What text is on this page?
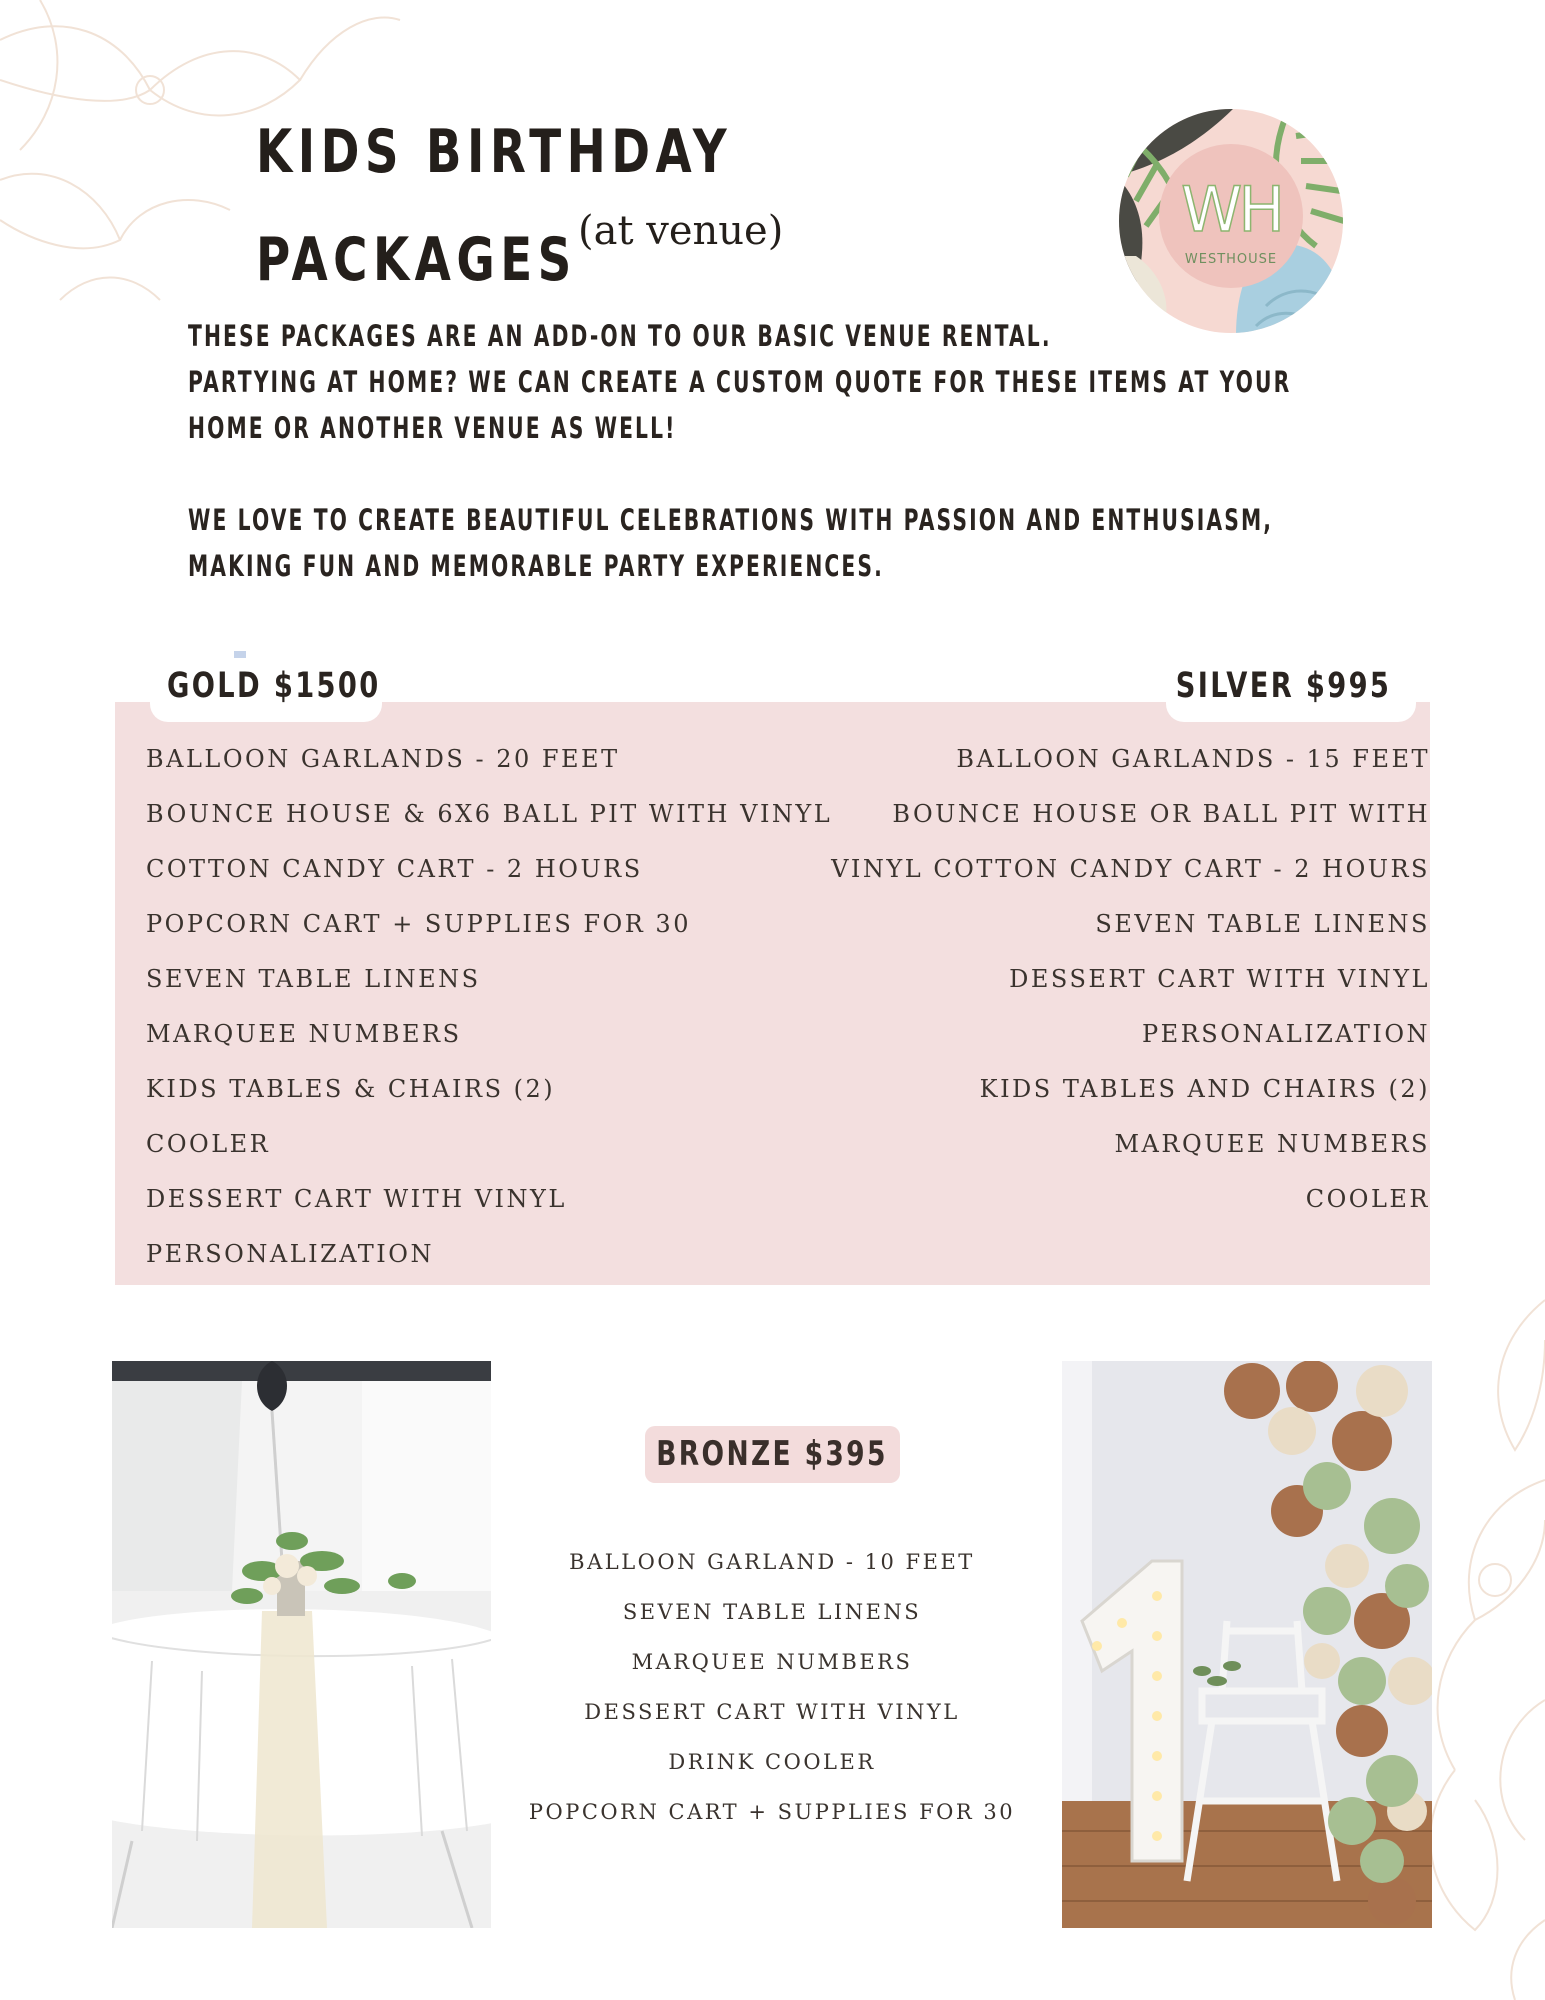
KIDS BIRTHDAY
PACKAGES (at venue)	WH
WESTHOUSE

THESE PACKAGES ARE AN ADD-ON TO OUR BASIC VENUE RENTAL.

PARTYING AT HOME? WE CAN CREATE A CUSTOM QUOTE FOR THESE ITEMS AT YOUR

HOME OR ANOTHER VENUE AS WELL!

WE LOVE TO CREATE BEAUTIFUL CELEBRATIONS WITH PASSION AND ENTHUSIASM,

MAKING FUN AND MEMORABLE PARTY EXPERIENCES.

GOLD $1500	SILVER $995
BALLOON GARLANDS - 20 FEET
BOUNCE HOUSE & 6X6 BALL PIT WITH VINYL
COTTON CANDY CART - 2 HOURS
POPCORN CART + SUPPLIES FOR 30
SEVEN TABLE LINENS
MARQUEE NUMBERS
KIDS TABLES & CHAIRS (2)
COOLER
DESSERT CART WITH VINYL
PERSONALIZATION
BALLOON GARLANDS - 15 FEET
BOUNCE HOUSE OR BALL PIT WITH
VINYL COTTON CANDY CART - 2 HOURS
SEVEN TABLE LINENS
DESSERT CART WITH VINYL
PERSONALIZATION
KIDS TABLES AND CHAIRS (2)
MARQUEE NUMBERS
COOLER
BRONZE $395
BALLOON GARLAND - 10 FEET
SEVEN TABLE LINENS
MARQUEE NUMBERS
DESSERT CART WITH VINYL
DRINK COOLER
POPCORN CART + SUPPLIES FOR 30
